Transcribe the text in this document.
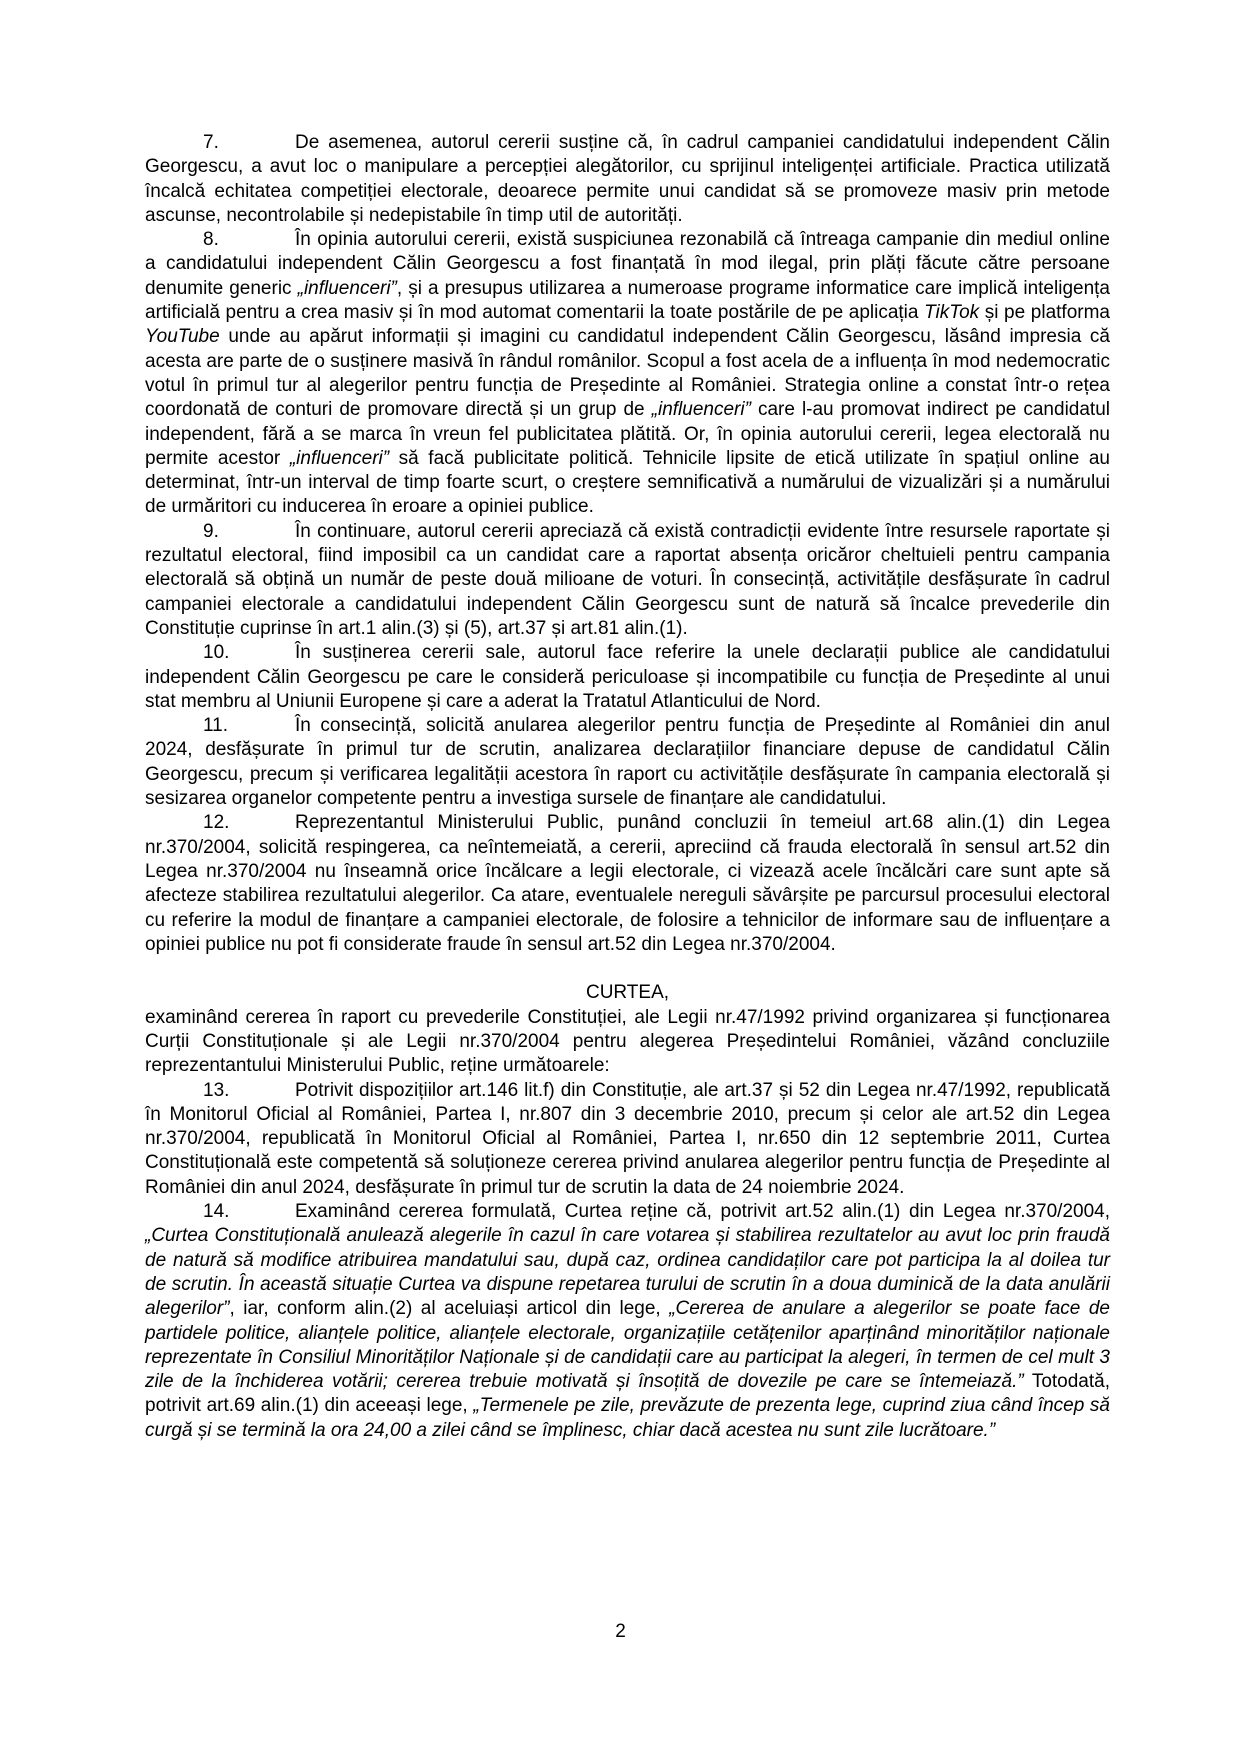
7.	De asemenea, autorul cererii susține că, în cadrul campaniei candidatului independent Călin Georgescu, a avut loc o manipulare a percepției alegătorilor, cu sprijinul inteligenței artificiale. Practica utilizată încalcă echitatea competiției electorale, deoarece permite unui candidat să se promoveze masiv prin metode ascunse, necontrolabile și nedepistabile în timp util de autorități.

8.	În opinia autorului cererii, există suspiciunea rezonabilă că întreaga campanie din mediul online a candidatului independent Călin Georgescu a fost finanțată în mod ilegal, prin plăți făcute către persoane denumite generic „influenceri”, și a presupus utilizarea a numeroase programe informatice care implică inteligența artificială pentru a crea masiv și în mod automat comentarii la toate postările de pe aplicația TikTok și pe platforma YouTube unde au apărut informații și imagini cu candidatul independent Călin Georgescu, lăsând impresia că acesta are parte de o susținere masivă în rândul românilor. Scopul a fost acela de a influența în mod nedemocratic votul în primul tur al alegerilor pentru funcția de Președinte al României. Strategia online a constat într-o rețea coordonată de conturi de promovare directă și un grup de „influenceri” care l-au promovat indirect pe candidatul independent, fără a se marca în vreun fel publicitatea plătită. Or, în opinia autorului cererii, legea electorală nu permite acestor „influenceri” să facă publicitate politică. Tehnicile lipsite de etică utilizate în spațiul online au determinat, într-un interval de timp foarte scurt, o creștere semnificativă a numărului de vizualizări și a numărului de urmăritori cu inducerea în eroare a opiniei publice.

9.	În continuare, autorul cererii apreciază că există contradicții evidente între resursele raportate și rezultatul electoral, fiind imposibil ca un candidat care a raportat absența oricăror cheltuieli pentru campania electorală să obțină un număr de peste două milioane de voturi. În consecință, activitățile desfășurate în cadrul campaniei electorale a candidatului independent Călin Georgescu sunt de natură să încalce prevederile din Constituție cuprinse în art.1 alin.(3) și (5), art.37 și art.81 alin.(1).

10.	În susținerea cererii sale, autorul face referire la unele declarații publice ale candidatului independent Călin Georgescu pe care le consideră periculoase și incompatibile cu funcția de Președinte al unui stat membru al Uniunii Europene și care a aderat la Tratatul Atlanticului de Nord.

11.	În consecință, solicită anularea alegerilor pentru funcția de Președinte al României din anul 2024, desfășurate în primul tur de scrutin, analizarea declarațiilor financiare depuse de candidatul Călin Georgescu, precum și verificarea legalității acestora în raport cu activitățile desfășurate în campania electorală și sesizarea organelor competente pentru a investiga sursele de finanțare ale candidatului.

12.	Reprezentantul Ministerului Public, punând concluzii în temeiul art.68 alin.(1) din Legea nr.370/2004, solicită respingerea, ca neîntemeiată, a cererii, apreciind că frauda electorală în sensul art.52 din Legea nr.370/2004 nu înseamnă orice încălcare a legii electorale, ci vizează acele încălcări care sunt apte să afecteze stabilirea rezultatului alegerilor. Ca atare, eventualele nereguli săvârșite pe parcursul procesului electoral cu referire la modul de finanțare a campaniei electorale, de folosire a tehnicilor de informare sau de influențare a opiniei publice nu pot fi considerate fraude în sensul art.52 din Legea nr.370/2004.

CURTEA,

examinând cererea în raport cu prevederile Constituției, ale Legii nr.47/1992 privind organizarea și funcționarea Curții Constituționale și ale Legii nr.370/2004 pentru alegerea Președintelui României, văzând concluziile reprezentantului Ministerului Public, reține următoarele:

13.	Potrivit dispozițiilor art.146 lit.f) din Constituție, ale art.37 și 52 din Legea nr.47/1992, republicată în Monitorul Oficial al României, Partea I, nr.807 din 3 decembrie 2010, precum și celor ale art.52 din Legea nr.370/2004, republicată în Monitorul Oficial al României, Partea I, nr.650 din 12 septembrie 2011, Curtea Constituțională este competentă să soluționeze cererea privind anularea alegerilor pentru funcția de Președinte al României din anul 2024, desfășurate în primul tur de scrutin la data de 24 noiembrie 2024.

14.	Examinând cererea formulată, Curtea reține că, potrivit art.52 alin.(1) din Legea nr.370/2004, „Curtea Constituțională anulează alegerile în cazul în care votarea și stabilirea rezultatelor au avut loc prin fraudă de natură să modifice atribuirea mandatului sau, după caz, ordinea candidaților care pot participa la al doilea tur de scrutin. În această situație Curtea va dispune repetarea turului de scrutin în a doua duminică de la data anulării alegerilor”, iar, conform alin.(2) al aceluiași articol din lege, „Cererea de anulare a alegerilor se poate face de partidele politice, alianțele politice, alianțele electorale, organizațiile cetățenilor aparținând minorităților naționale reprezentate în Consiliul Minorităților Naționale și de candidații care au participat la alegeri, în termen de cel mult 3 zile de la închiderea votării; cererea trebuie motivată și însoțită de dovezile pe care se întemeiază.” Totodată, potrivit art.69 alin.(1) din aceeași lege, „Termenele pe zile, prevăzute de prezenta lege, cuprind ziua când încep să curgă și se termină la ora 24,00 a zilei când se împlinesc, chiar dacă acestea nu sunt zile lucrătoare.”

2
